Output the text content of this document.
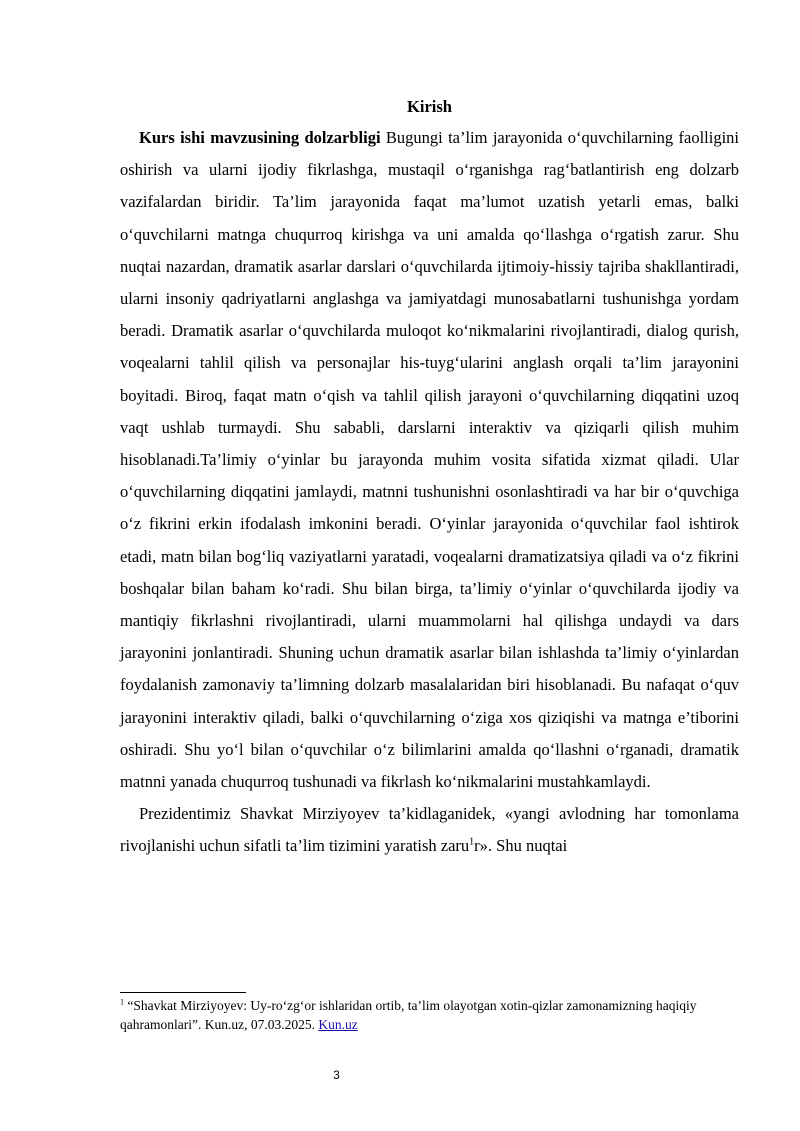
Kirish

Kurs ishi mavzusining dolzarbligi Bugungi ta’lim jarayonida o‘quvchilarning faolligini oshirish va ularni ijodiy fikrlashga, mustaqil o‘rganishga rag‘batlantirish eng dolzarb vazifalardan biridir. Ta’lim jarayonida faqat ma’lumot uzatish yetarli emas, balki o‘quvchilarni matnga chuqurroq kirishga va uni amalda qo‘llashga o‘rgatish zarur. Shu nuqtai nazardan, dramatik asarlar darslari o‘quvchilarda ijtimoiy-hissiy tajriba shakllantiradi, ularni insoniy qadriyatlarni anglashga va jamiyatdagi munosabatlarni tushunishga yordam beradi. Dramatik asarlar o‘quvchilarda muloqot ko‘nikmalarini rivojlantiradi, dialog qurish, voqealarni tahlil qilish va personajlar his-tuyg‘ularini anglash orqali ta’lim jarayonini boyitadi. Biroq, faqat matn o‘qish va tahlil qilish jarayoni o‘quvchilarning diqqatini uzoq vaqt ushlab turmaydi. Shu sababli, darslarni interaktiv va qiziqarli qilish muhim hisoblanadi.Ta’limiy o‘yinlar bu jarayonda muhim vosita sifatida xizmat qiladi. Ular o‘quvchilarning diqqatini jamlaydi, matnni tushunishni osonlashtiradi va har bir o‘quvchiga o‘z fikrini erkin ifodalash imkonini beradi. O‘yinlar jarayonida o‘quvchilar faol ishtirok etadi, matn bilan bog‘liq vaziyatlarni yaratadi, voqealarni dramatizatsiya qiladi va o‘z fikrini boshqalar bilan baham ko‘radi. Shu bilan birga, ta’limiy o‘yinlar o‘quvchilarda ijodiy va mantiqiy fikrlashni rivojlantiradi, ularni muammolarni hal qilishga undaydi va dars jarayonini jonlantiradi. Shuning uchun dramatik asarlar bilan ishlashda ta’limiy o‘yinlardan foydalanish zamonaviy ta’limning dolzarb masalalaridan biri hisoblanadi. Bu nafaqat o‘quv jarayonini interaktiv qiladi, balki o‘quvchilarning o‘ziga xos qiziqishi va matnga e’tiborini oshiradi. Shu yo‘l bilan o‘quvchilar o‘z bilimlarini amalda qo‘llashni o‘rganadi, dramatik matnni yanada chuqurroq tushunadi va fikrlash ko‘nikmalarini mustahkamlaydi.

Prezidentimiz Shavkat Mirziyoyev ta’kidlaganidek, «yangi avlodning har tomonlama rivojlanishi uchun sifatli ta’lim tizimini yaratish zaru$^1$r». Shu nuqtai

$^1$ “Shavkat Mirziyoyev: Uy-ro‘zg‘or ishlaridan ortib, ta’lim olayotgan xotin-qizlar zamonamizning haqiqiy qahramonlari”. Kun.uz, 07.03.2025. Kun.uz

3
